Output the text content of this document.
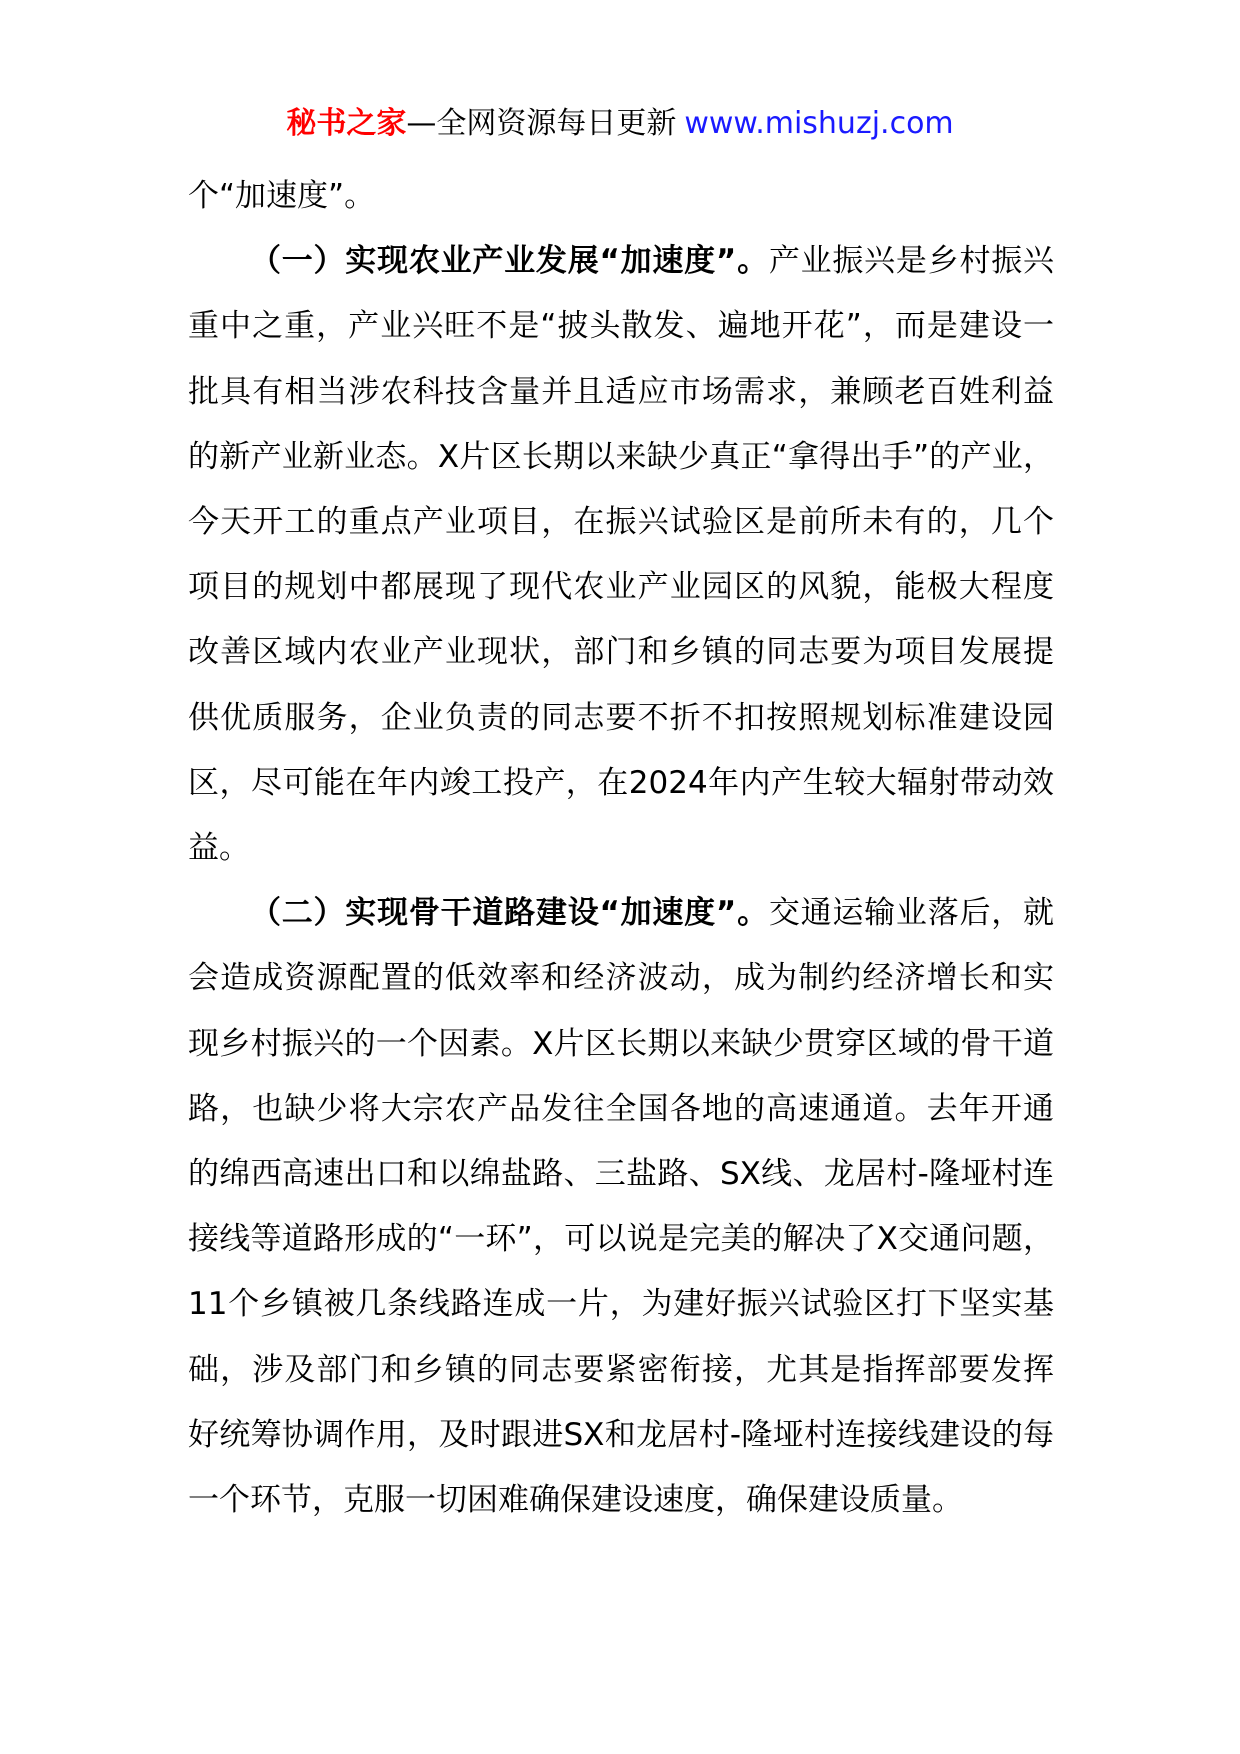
秘书之家—全网资源每日更新 www.mishuzj.com

个“加速度”。

（一）实现农业产业发展“加速度”。产业振兴是乡村振兴重中之重，产业兴旺不是“披头散发、遍地开花”，而是建设一批具有相当涉农科技含量并且适应市场需求，兼顾老百姓利益的新产业新业态。X片区长期以来缺少真正“拿得出手”的产业，今天开工的重点产业项目，在振兴试验区是前所未有的，几个项目的规划中都展现了现代农业产业园区的风貌，能极大程度改善区域内农业产业现状，部门和乡镇的同志要为项目发展提供优质服务，企业负责的同志要不折不扣按照规划标准建设园区，尽可能在年内竣工投产，在2024年内产生较大辐射带动效益。

（二）实现骨干道路建设“加速度”。交通运输业落后，就会造成资源配置的低效率和经济波动，成为制约经济增长和实现乡村振兴的一个因素。X片区长期以来缺少贯穿区域的骨干道路，也缺少将大宗农产品发往全国各地的高速通道。去年开通的绵西高速出口和以绵盐路、三盐路、SX线、龙居村-隆垭村连接线等道路形成的“一环”，可以说是完美的解决了X交通问题，11个乡镇被几条线路连成一片，为建好振兴试验区打下坚实基础，涉及部门和乡镇的同志要紧密衔接，尤其是指挥部要发挥好统筹协调作用，及时跟进SX和龙居村-隆垭村连接线建设的每一个环节，克服一切困难确保建设速度，确保建设质量。
